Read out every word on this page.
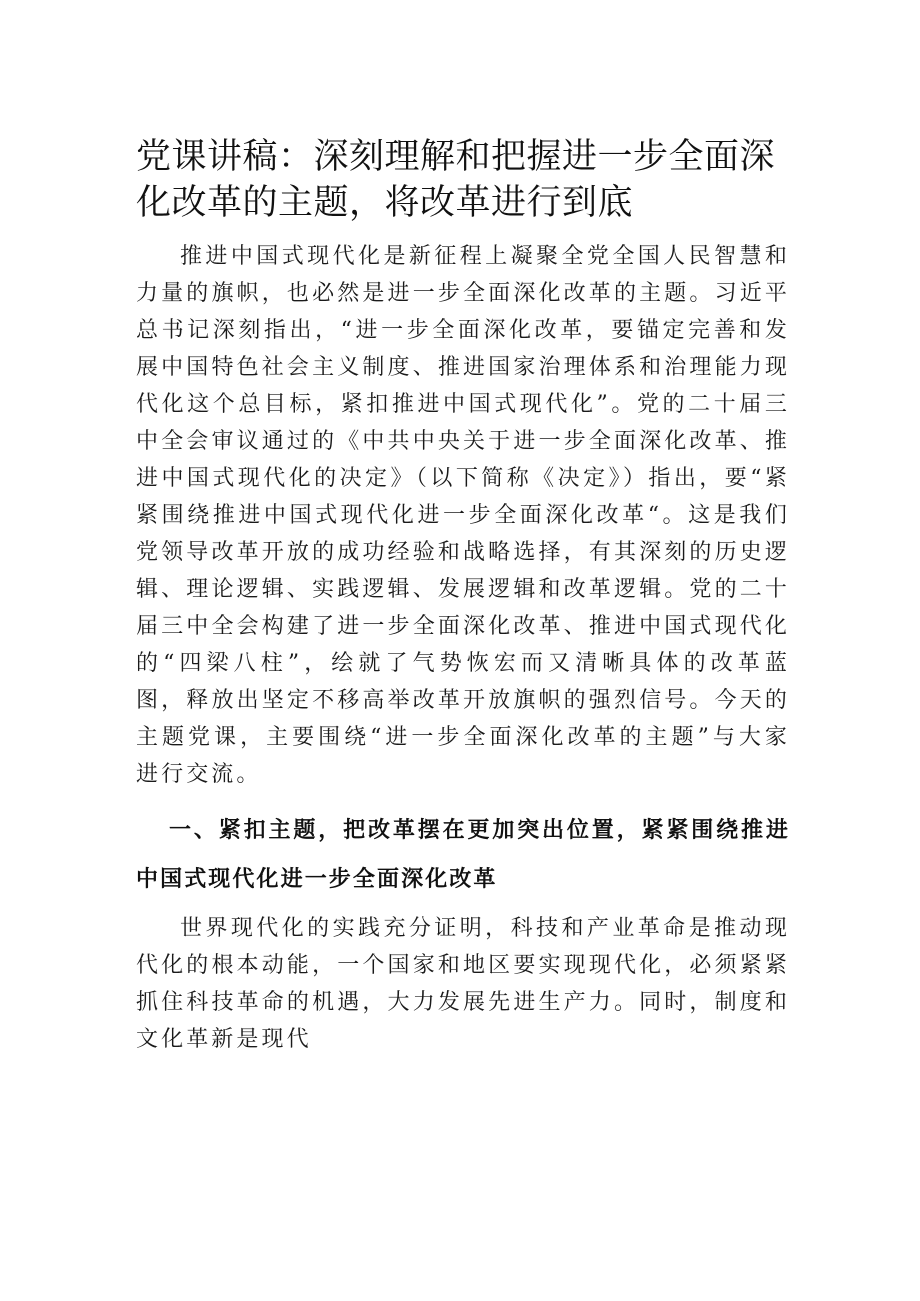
党课讲稿：深刻理解和把握进一步全面深化改革的主题，将改革进行到底

推进中国式现代化是新征程上凝聚全党全国人民智慧和力量的旗帜，也必然是进一步全面深化改革的主题。习近平总书记深刻指出，“进一步全面深化改革，要锚定完善和发展中国特色社会主义制度、推进国家治理体系和治理能力现代化这个总目标，紧扣推进中国式现代化”。党的二十届三中全会审议通过的《中共中央关于进一步全面深化改革、推进中国式现代化的决定》（以下简称《决定》）指出，要“紧紧围绕推进中国式现代化进一步全面深化改革“。这是我们党领导改革开放的成功经验和战略选择，有其深刻的历史逻辑、理论逻辑、实践逻辑、发展逻辑和改革逻辑。党的二十届三中全会构建了进一步全面深化改革、推进中国式现代化的“四梁八柱”，绘就了气势恢宏而又清晰具体的改革蓝图，释放出坚定不移高举改革开放旗帜的强烈信号。今天的主题党课，主要围绕“进一步全面深化改革的主题”与大家进行交流。

一、紧扣主题，把改革摆在更加突出位置，紧紧围绕推进中国式现代化进一步全面深化改革

世界现代化的实践充分证明，科技和产业革命是推动现代化的根本动能，一个国家和地区要实现现代化，必须紧紧抓住科技革命的机遇，大力发展先进生产力。同时，制度和文化革新是现代
